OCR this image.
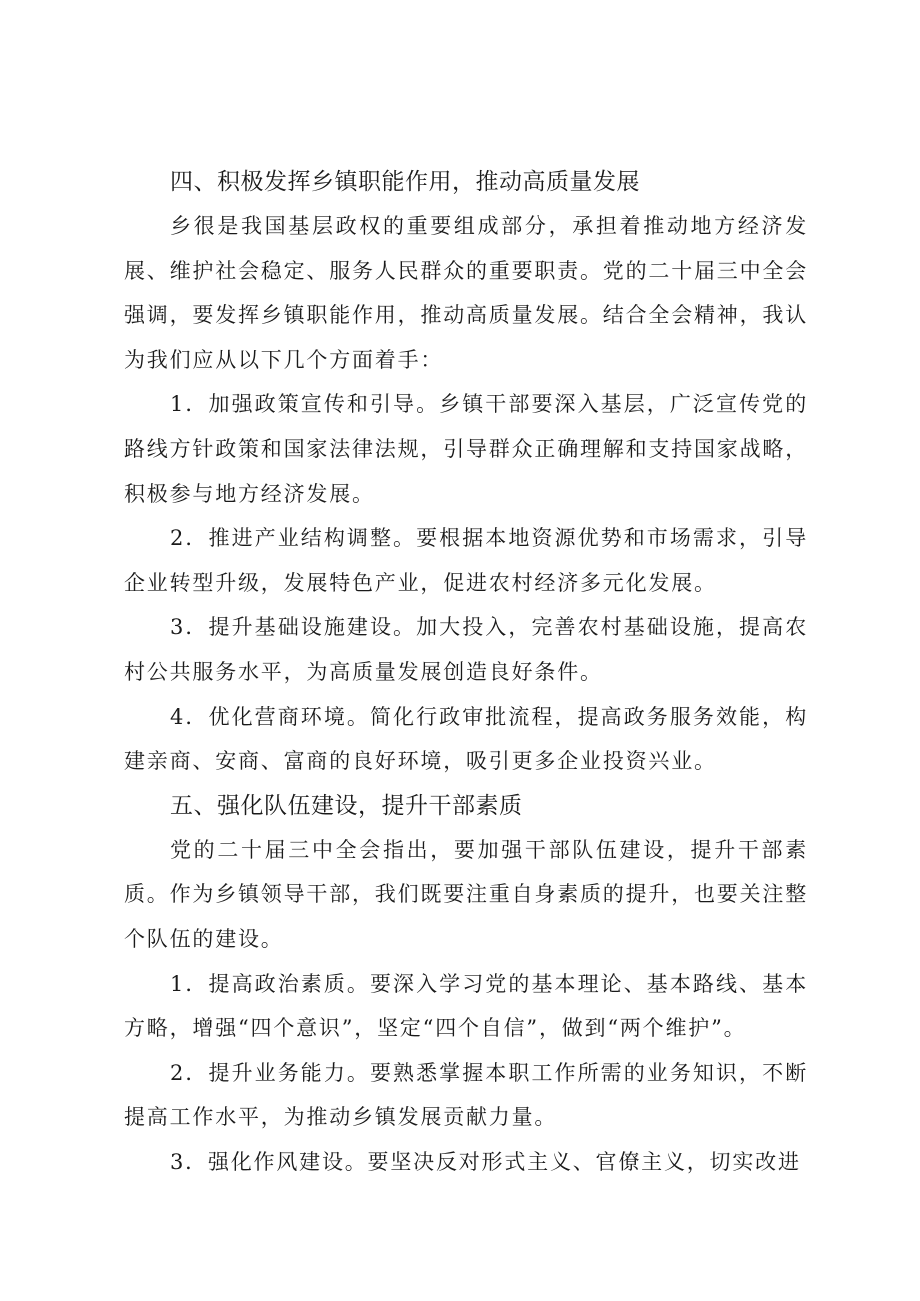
四、积极发挥乡镇职能作用，推动高质量发展

乡很是我国基层政权的重要组成部分，承担着推动地方经济发展、维护社会稳定、服务人民群众的重要职责。党的二十届三中全会强调，要发挥乡镇职能作用，推动高质量发展。结合全会精神，我认为我们应从以下几个方面着手：

1．加强政策宣传和引导。乡镇干部要深入基层，广泛宣传党的路线方针政策和国家法律法规，引导群众正确理解和支持国家战略，积极参与地方经济发展。

2．推进产业结构调整。要根据本地资源优势和市场需求，引导企业转型升级，发展特色产业，促进农村经济多元化发展。

3．提升基础设施建设。加大投入，完善农村基础设施，提高农村公共服务水平，为高质量发展创造良好条件。

4．优化营商环境。简化行政审批流程，提高政务服务效能，构建亲商、安商、富商的良好环境，吸引更多企业投资兴业。

五、强化队伍建设，提升干部素质

党的二十届三中全会指出，要加强干部队伍建设，提升干部素质。作为乡镇领导干部，我们既要注重自身素质的提升，也要关注整个队伍的建设。

1．提高政治素质。要深入学习党的基本理论、基本路线、基本方略，增强“四个意识”，坚定“四个自信”，做到“两个维护”。

2．提升业务能力。要熟悉掌握本职工作所需的业务知识，不断提高工作水平，为推动乡镇发展贡献力量。

3．强化作风建设。要坚决反对形式主义、官僚主义，切实改进
